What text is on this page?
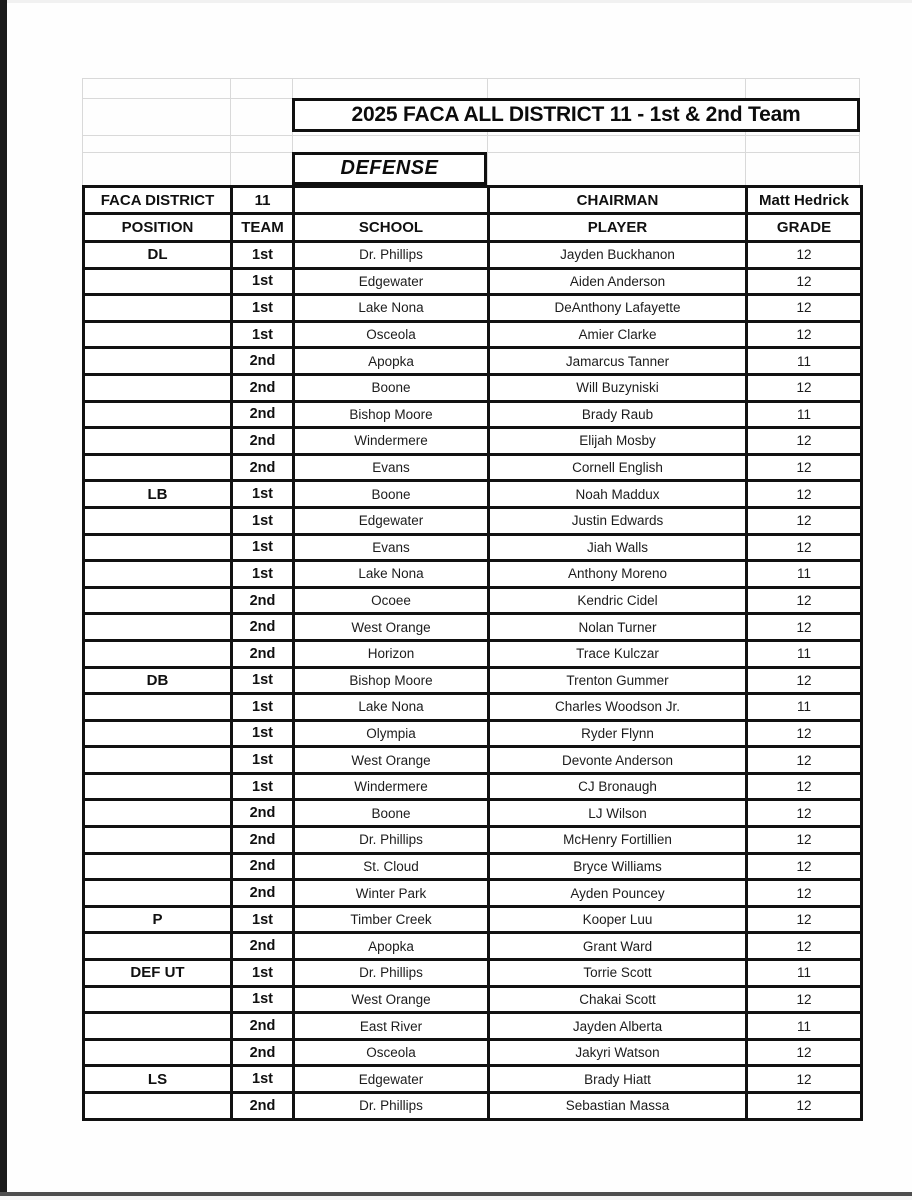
2025 FACA ALL DISTRICT 11 - 1st & 2nd Team
DEFENSE
FACA DISTRICT	11		CHAIRMAN	Matt Hedrick
POSITION	TEAM	SCHOOL	PLAYER	GRADE
DL	1st	Dr. Phillips	Jayden Buckhanon	12
	1st	Edgewater	Aiden Anderson	12
	1st	Lake Nona	DeAnthony Lafayette	12
	1st	Osceola	Amier Clarke	12
	2nd	Apopka	Jamarcus Tanner	11
	2nd	Boone	Will Buzyniski	12
	2nd	Bishop Moore	Brady Raub	11
	2nd	Windermere	Elijah Mosby	12
	2nd	Evans	Cornell English	12
LB	1st	Boone	Noah Maddux	12
	1st	Edgewater	Justin Edwards	12
	1st	Evans	Jiah Walls	12
	1st	Lake Nona	Anthony Moreno	11
	2nd	Ocoee	Kendric Cidel	12
	2nd	West Orange	Nolan Turner	12
	2nd	Horizon	Trace Kulczar	11
DB	1st	Bishop Moore	Trenton Gummer	12
	1st	Lake Nona	Charles Woodson Jr.	11
	1st	Olympia	Ryder Flynn	12
	1st	West Orange	Devonte Anderson	12
	1st	Windermere	CJ Bronaugh	12
	2nd	Boone	LJ Wilson	12
	2nd	Dr. Phillips	McHenry Fortillien	12
	2nd	St. Cloud	Bryce Williams	12
	2nd	Winter Park	Ayden Pouncey	12
P	1st	Timber Creek	Kooper Luu	12
	2nd	Apopka	Grant Ward	12
DEF UT	1st	Dr. Phillips	Torrie Scott	11
	1st	West Orange	Chakai Scott	12
	2nd	East River	Jayden Alberta	11
	2nd	Osceola	Jakyri Watson	12
LS	1st	Edgewater	Brady Hiatt	12
	2nd	Dr. Phillips	Sebastian Massa	12
